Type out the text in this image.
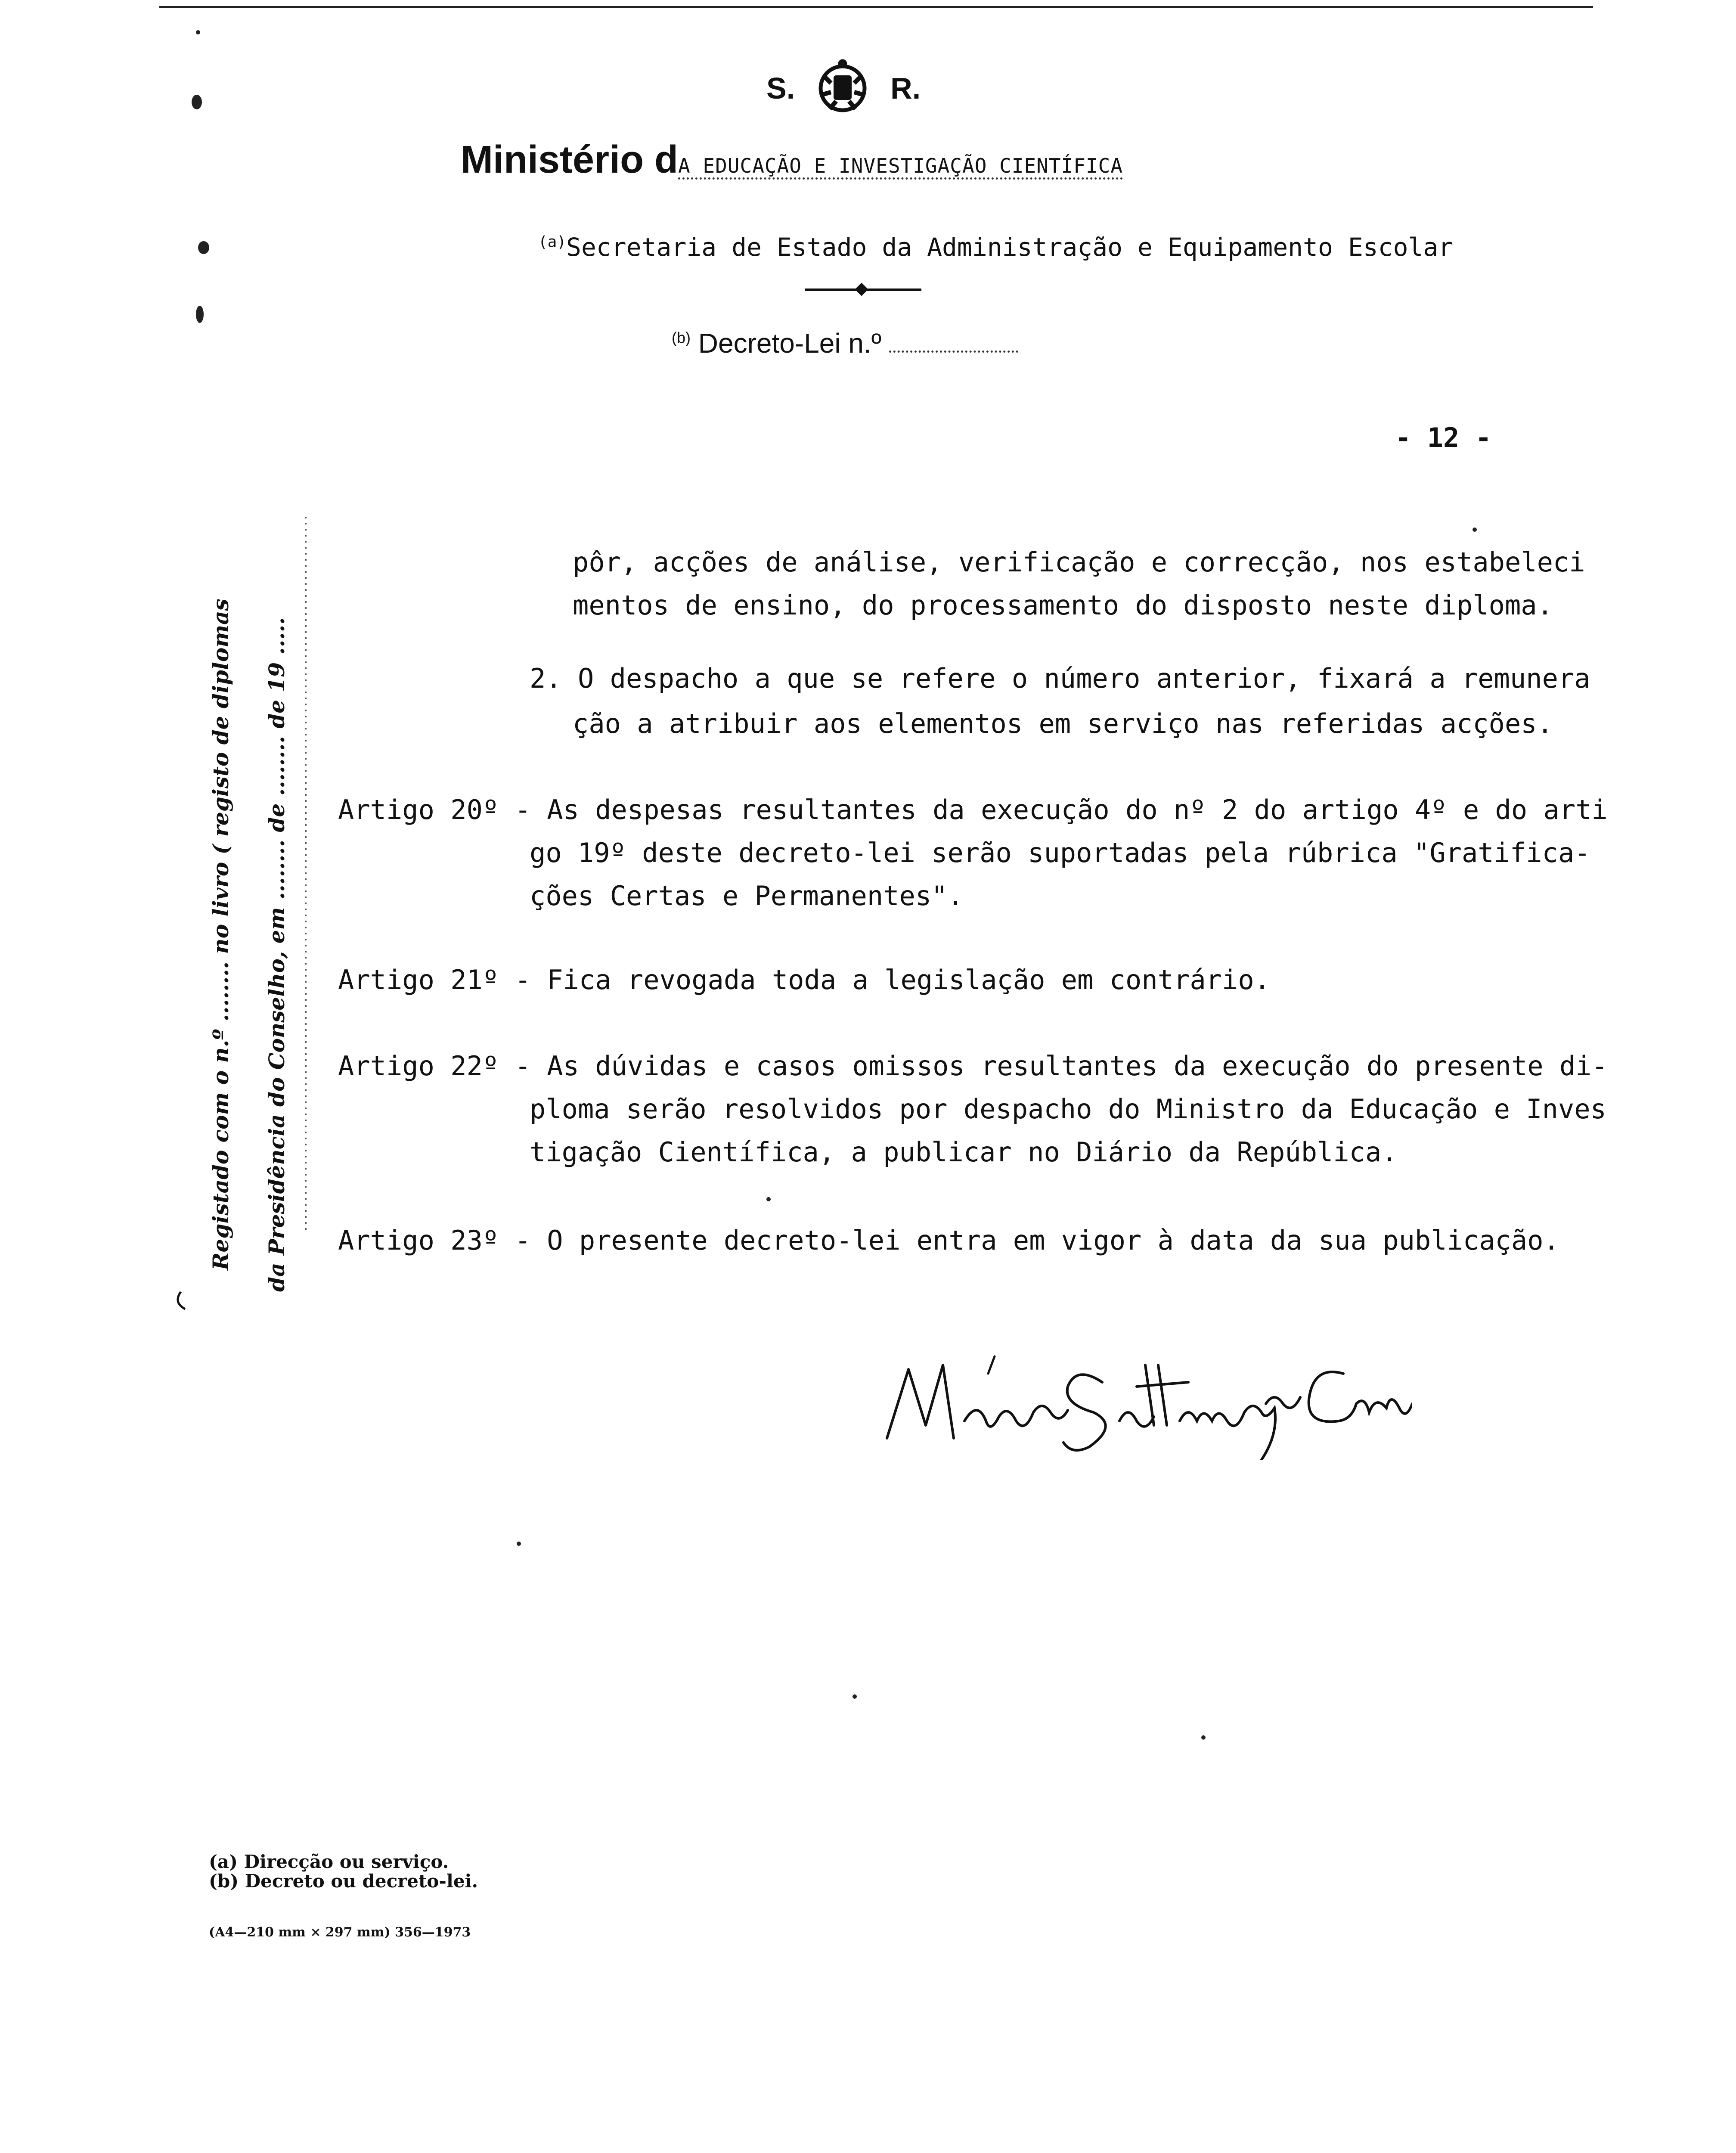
S.	R.
Ministério dA EDUCAÇÃO E INVESTIGAÇÃO CIENTÍFICA
$^{(a)}$Secretaria de Estado da Administração e Equipamento Escolar
$^{(b)}$ Decreto-Lei n.º
- 12 -
Registado com o n.º ........ no livro ( registo de diplomas da Presidência do Conselho, em ........ de ........ de 19 .....
pôr, acções de análise, verificação e correcção, nos estabeleci
mentos de ensino, do processamento do disposto neste diploma.
2. O despacho a que se refere o número anterior, fixará a remunera
ção a atribuir aos elementos em serviço nas referidas acções.
Artigo 20º - As despesas resultantes da execução do nº 2 do artigo 4º e do arti
go 19º deste decreto-lei serão suportadas pela rúbrica "Gratifica-
ções Certas e Permanentes".
Artigo 21º - Fica revogada toda a legislação em contrário.
Artigo 22º - As dúvidas e casos omissos resultantes da execução do presente di-
ploma serão resolvidos por despacho do Ministro da Educação e Inves
tigação Científica, a publicar no Diário da República.
Artigo 23º - O presente decreto-lei entra em vigor à data da sua publicação.
Mário Sottomayor Cardia
(a) Direcção ou serviço.
(b) Decreto ou decreto-lei.
(A4—210 mm × 297 mm) 356—1973
